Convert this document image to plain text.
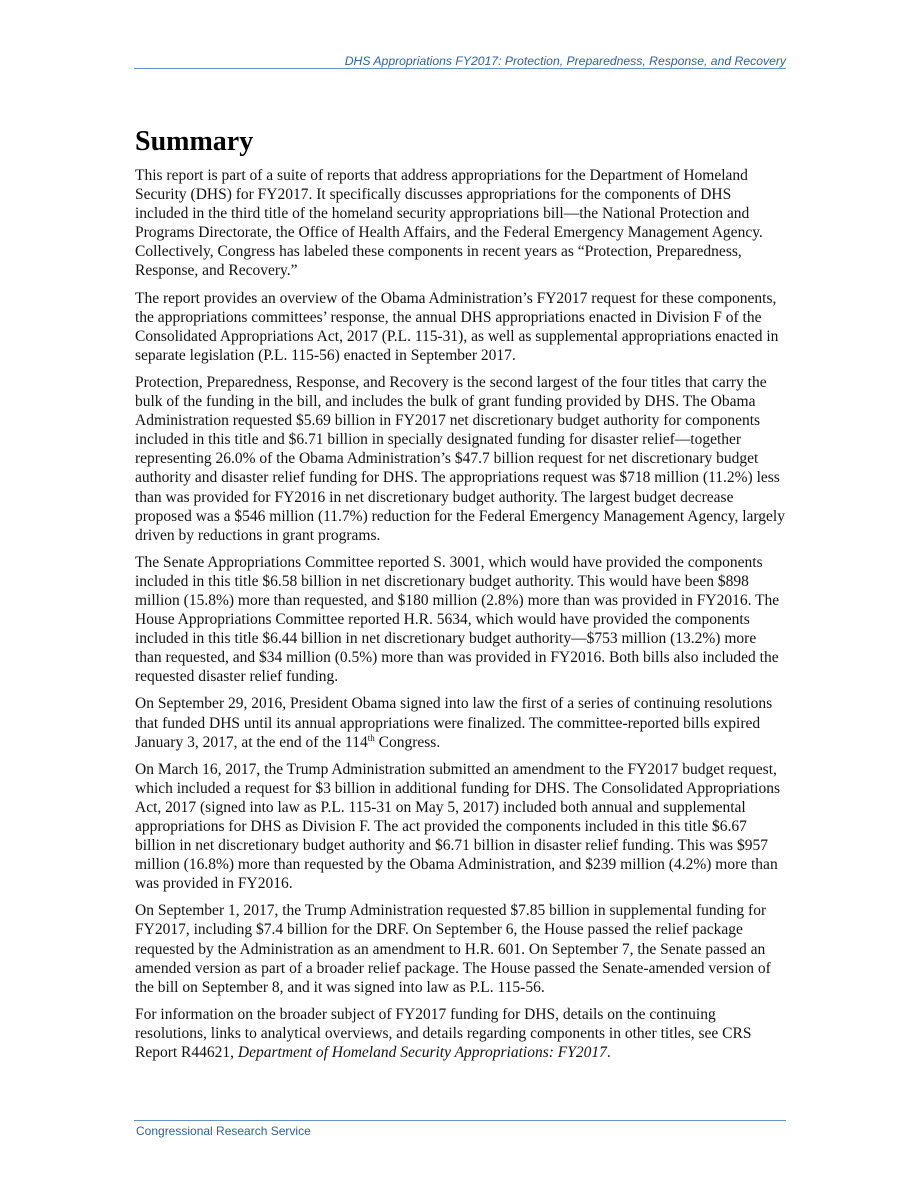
DHS Appropriations FY2017: Protection, Preparedness, Response, and Recovery
Summary

This report is part of a suite of reports that address appropriations for the Department of Homeland Security (DHS) for FY2017. It specifically discusses appropriations for the components of DHS included in the third title of the homeland security appropriations bill—the National Protection and Programs Directorate, the Office of Health Affairs, and the Federal Emergency Management Agency. Collectively, Congress has labeled these components in recent years as “Protection, Preparedness, Response, and Recovery.”

The report provides an overview of the Obama Administration’s FY2017 request for these components, the appropriations committees’ response, the annual DHS appropriations enacted in Division F of the Consolidated Appropriations Act, 2017 (P.L. 115-31), as well as supplemental appropriations enacted in separate legislation (P.L. 115-56) enacted in September 2017.

Protection, Preparedness, Response, and Recovery is the second largest of the four titles that carry the bulk of the funding in the bill, and includes the bulk of grant funding provided by DHS. The Obama Administration requested $5.69 billion in FY2017 net discretionary budget authority for components included in this title and $6.71 billion in specially designated funding for disaster relief—together representing 26.0% of the Obama Administration’s $47.7 billion request for net discretionary budget authority and disaster relief funding for DHS. The appropriations request was $718 million (11.2%) less than was provided for FY2016 in net discretionary budget authority. The largest budget decrease proposed was a $546 million (11.7%) reduction for the Federal Emergency Management Agency, largely driven by reductions in grant programs.

The Senate Appropriations Committee reported S. 3001, which would have provided the components included in this title $6.58 billion in net discretionary budget authority. This would have been $898 million (15.8%) more than requested, and $180 million (2.8%) more than was provided in FY2016. The House Appropriations Committee reported H.R. 5634, which would have provided the components included in this title $6.44 billion in net discretionary budget authority—$753 million (13.2%) more than requested, and $34 million (0.5%) more than was provided in FY2016. Both bills also included the requested disaster relief funding.

On September 29, 2016, President Obama signed into law the first of a series of continuing resolutions that funded DHS until its annual appropriations were finalized. The committee-reported bills expired January 3, 2017, at the end of the 114th Congress.

On March 16, 2017, the Trump Administration submitted an amendment to the FY2017 budget request, which included a request for $3 billion in additional funding for DHS. The Consolidated Appropriations Act, 2017 (signed into law as P.L. 115-31 on May 5, 2017) included both annual and supplemental appropriations for DHS as Division F. The act provided the components included in this title $6.67 billion in net discretionary budget authority and $6.71 billion in disaster relief funding. This was $957 million (16.8%) more than requested by the Obama Administration, and $239 million (4.2%) more than was provided in FY2016.

On September 1, 2017, the Trump Administration requested $7.85 billion in supplemental funding for FY2017, including $7.4 billion for the DRF. On September 6, the House passed the relief package requested by the Administration as an amendment to H.R. 601. On September 7, the Senate passed an amended version as part of a broader relief package. The House passed the Senate-amended version of the bill on September 8, and it was signed into law as P.L. 115-56.

For information on the broader subject of FY2017 funding for DHS, details on the continuing resolutions, links to analytical overviews, and details regarding components in other titles, see CRS Report R44621, Department of Homeland Security Appropriations: FY2017.

Congressional Research Service
